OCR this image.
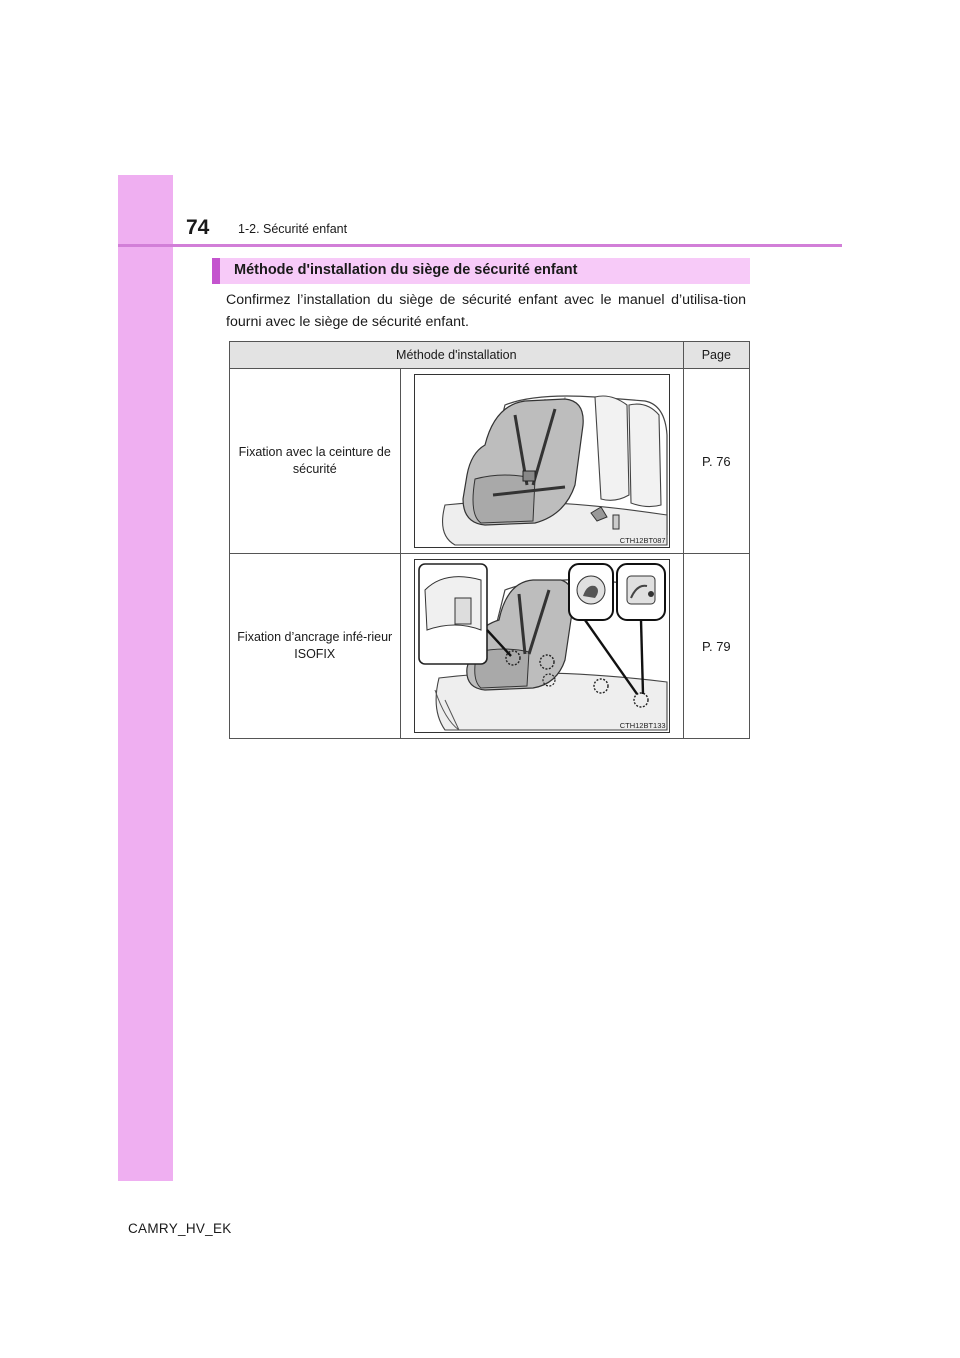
74 1-2. Sécurité enfant
Méthode d'installation du siège de sécurité enfant
Confirmez l’installation du siège de sécurité enfant avec le manuel d’utilisa-tion fourni avec le siège de sécurité enfant.
Méthode d'installation		Page
Fixation avec la ceinture de sécurité	CTH12BT087	P. 76
Fixation d’ancrage infé-rieur ISOFIX	CTH12BT133	P. 79
CAMRY_HV_EK
